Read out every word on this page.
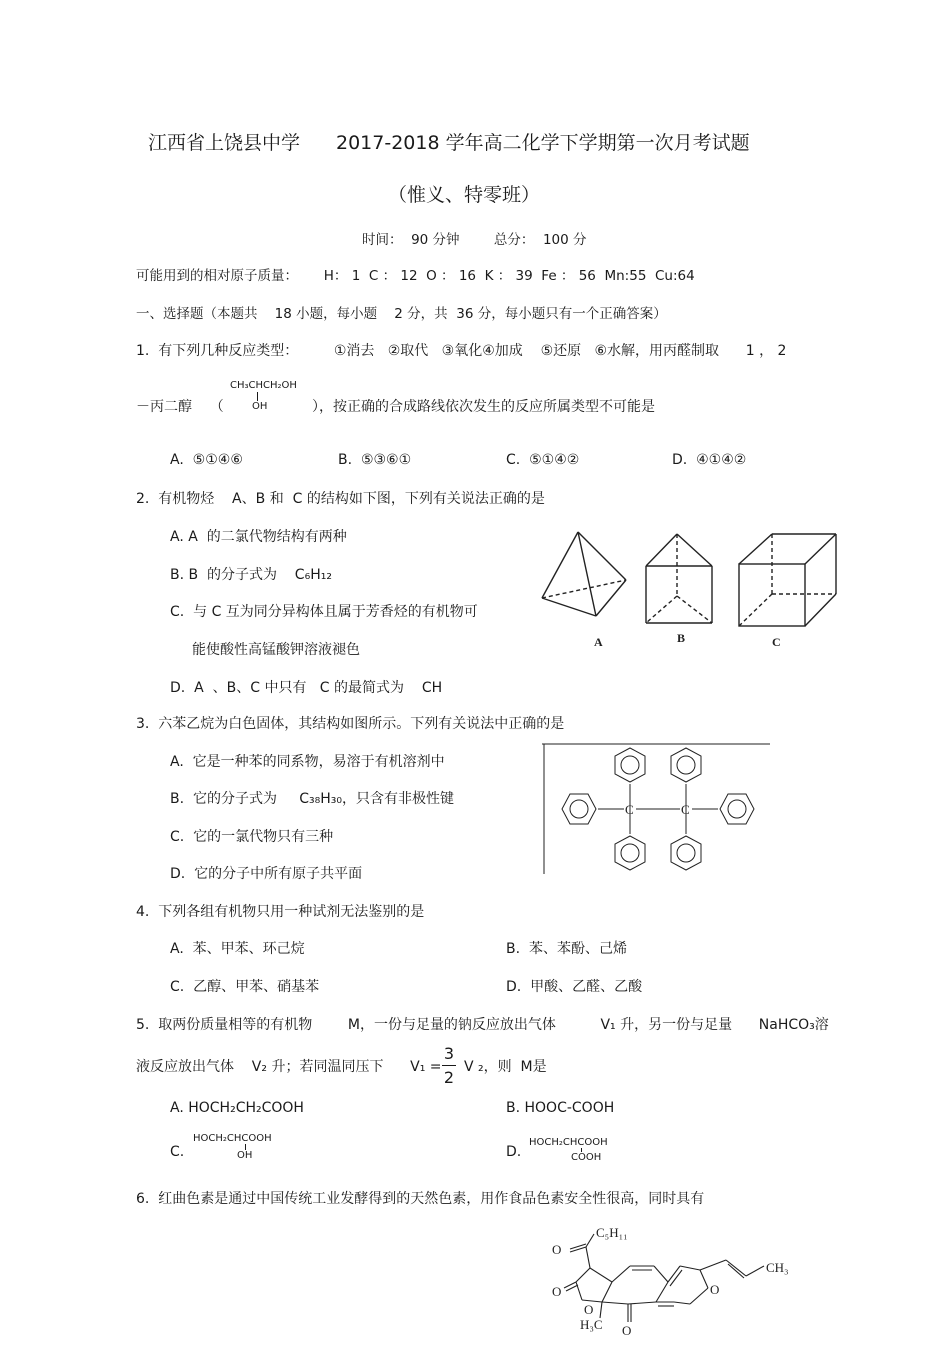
江西省上饶县中学 2017-2018 学年高二化学下学期第一次月考试题
（惟义、特零班）
时间：  90 分钟        总分：  100 分
可能用到的相对原子质量：      H： 1  C ： 12  O ： 16  K ： 39  Fe ： 56  Mn:55  Cu:64
一、选择题（本题共    18 小题，每小题    2 分，共  36 分，每小题只有一个正确答案）
1.  有下列几种反应类型：        ①消去   ②取代   ③氧化④加成    ⑤还原   ⑥水解，用丙醛制取      1 ， 2
－丙二醇    （
CH₃CHCH₂OH
OH	），按正确的合成路线依次发生的反应所属类型不可能是
A.  ⑤①④⑥	B.  ⑤③⑥①	C.  ⑤①④②	D.  ④①④②
2.  有机物烃    A、B 和  C 的结构如下图，下列有关说法正确的是
A. A  的二氯代物结构有两种
B. B  的分子式为    C₆H₁₂
C.  与 C 互为同分异构体且属于芳香烃的有机物可
能使酸性高锰酸钾溶液褪色
D.  A  、B、C 中只有   C 的最简式为    CH
A	B	C
3.  六苯乙烷为白色固体，其结构如图所示。下列有关说法中正确的是
A.  它是一种苯的同系物，易溶于有机溶剂中
B.  它的分子式为     C₃₈H₃₀，只含有非极性键
C.  它的一氯代物只有三种
D.  它的分子中所有原子共平面
C	C
4.  下列各组有机物只用一种试剂无法鉴别的是
A.  苯、甲苯、环己烷	B.  苯、苯酚、己烯
C.  乙醇、甲苯、硝基苯	D.  甲酸、乙醛、乙酸
5.  取两份质量相等的有机物        M，一份与足量的钠反应放出气体          V₁ 升，另一份与足量      NaHCO₃溶
液反应放出气体    V₂ 升；若同温同压下      V₁ =
3
2
V ₂，则  M是
A. HOCH₂CH₂COOH	B. HOOC-COOH
C.
HOCH₂CHCOOH
OH	D.
HOCH₂CHCOOH
COOH
6.  红曲色素是通过中国传统工业发酵得到的天然色素，用作食品色素安全性很高，同时具有
C₅H₁₁
O
CH₃
O
O
O
O
H₃C
